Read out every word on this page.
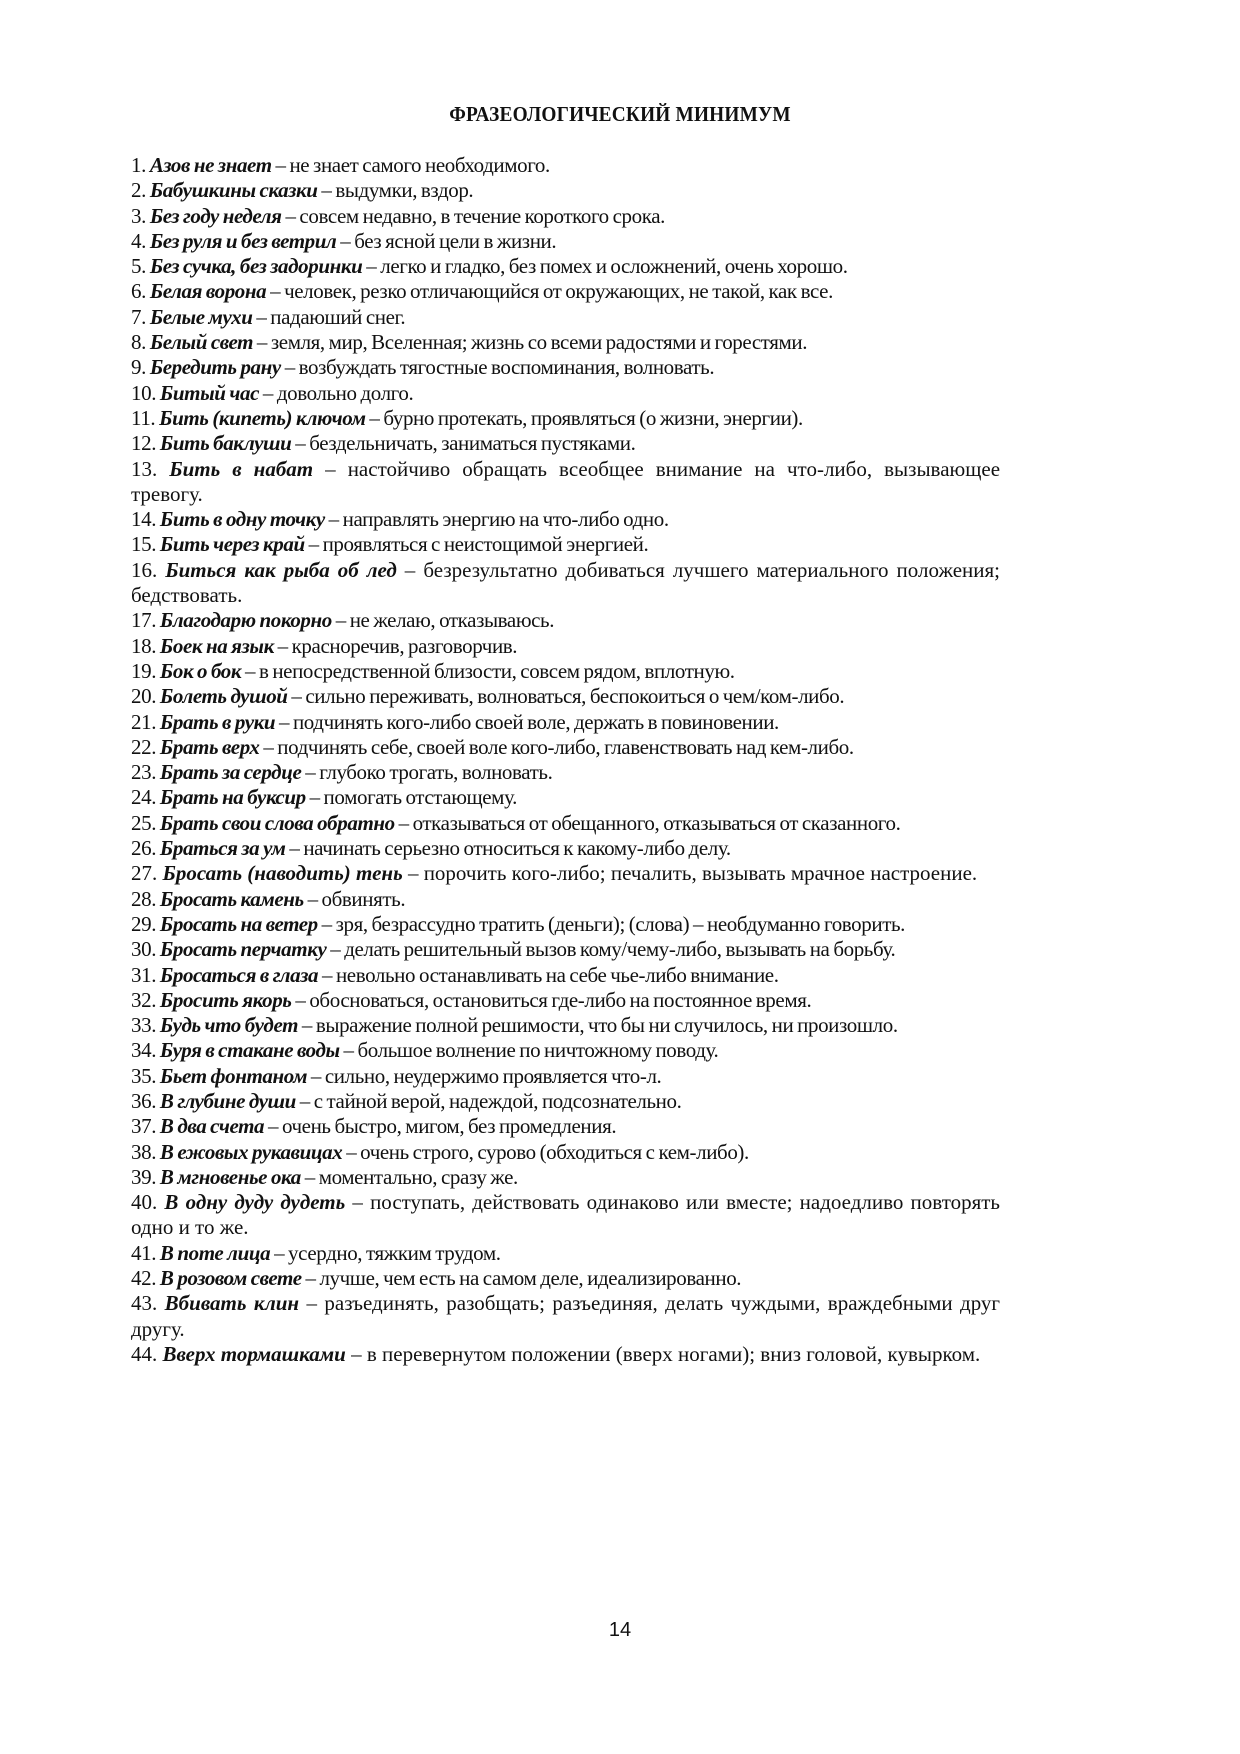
ФРАЗЕОЛОГИЧЕСКИЙ МИНИМУМ

1. Азов не знает – не знает самого необходимого.

2. Бабушкины сказки – выдумки, вздор.

3. Без году неделя – совсем недавно, в течение короткого срока.

4. Без руля и без ветрил – без ясной цели в жизни.

5. Без сучка, без задоринки – легко и гладко, без помех и осложнений, очень хорошо.

6. Белая ворона – человек, резко отличающийся от окружающих, не такой, как все.

7. Белые мухи – падаюший снег.

8. Белый свет – земля, мир, Вселенная; жизнь со всеми радостями и горестями.

9. Бередить рану – возбуждать тягостные воспоминания, волновать.

10. Битый час – довольно долго.

11. Бить (кипеть) ключом – бурно протекать, проявляться (о жизни, энергии).

12. Бить баклуши – бездельничать, заниматься пустяками.

13. Бить в набат – настойчиво обращать всеобщее внимание на что-либо, вызывающее тревогу.

14. Бить в одну точку – направлять энергию на что-либо одно.

15. Бить через край – проявляться с неистощимой энергией.

16. Биться как рыба об лед – безрезультатно добиваться лучшего материального положения; бедствовать.

17. Благодарю покорно – не желаю, отказываюсь.

18. Боек на язык – красноречив, разговорчив.

19. Бок о бок – в непосредственной близости, совсем рядом, вплотную.

20. Болеть душой – сильно переживать, волноваться, беспокоиться о чем/ком-либо.

21. Брать в руки – подчинять кого-либо своей воле, держать в повиновении.

22. Брать верх – подчинять себе, своей воле кого-либо, главенствовать над кем-либо.

23. Брать за сердце – глубоко трогать, волновать.

24. Брать на буксир – помогать отстающему.

25. Брать свои слова обратно – отказываться от обещанного, отказываться от сказанного.

26. Браться за ум – начинать серьезно относиться к какому-либо делу.

27. Бросать (наводить) тень – порочить кого-либо; печалить, вызывать мрачное настроение.

28. Бросать камень – обвинять.

29. Бросать на ветер – зря, безрассудно тратить (деньги); (слова) – необдуманно говорить.

30. Бросать перчатку – делать решительный вызов кому/чему-либо, вызывать на борьбу.

31. Бросаться в глаза – невольно останавливать на себе чье-либо внимание.

32. Бросить якорь – обосноваться, остановиться где-либо на постоянное время.

33. Будь что будет – выражение полной решимости, что бы ни случилось, ни произошло.

34. Буря в стакане воды – большое волнение по ничтожному поводу.

35. Бьет фонтаном – сильно, неудержимо проявляется что-л.

36. В глубине души – с тайной верой, надеждой, подсознательно.

37. В два счета – очень быстро, мигом, без промедления.

38. В ежовых рукавицах – очень строго, сурово (обходиться с кем-либо).

39. В мгновенье ока – моментально, сразу же.

40. В одну дуду дудеть – поступать, действовать одинаково или вместе; надоедливо повторять одно и то же.

41. В поте лица – усердно, тяжким трудом.

42. В розовом свете – лучше, чем есть на самом деле, идеализированно.

43. Вбивать клин – разъединять, разобщать; разъединяя, делать чуждыми, враждебными друг другу.

44. Вверх тормашками – в перевернутом положении (вверх ногами); вниз головой, кувырком.

14
